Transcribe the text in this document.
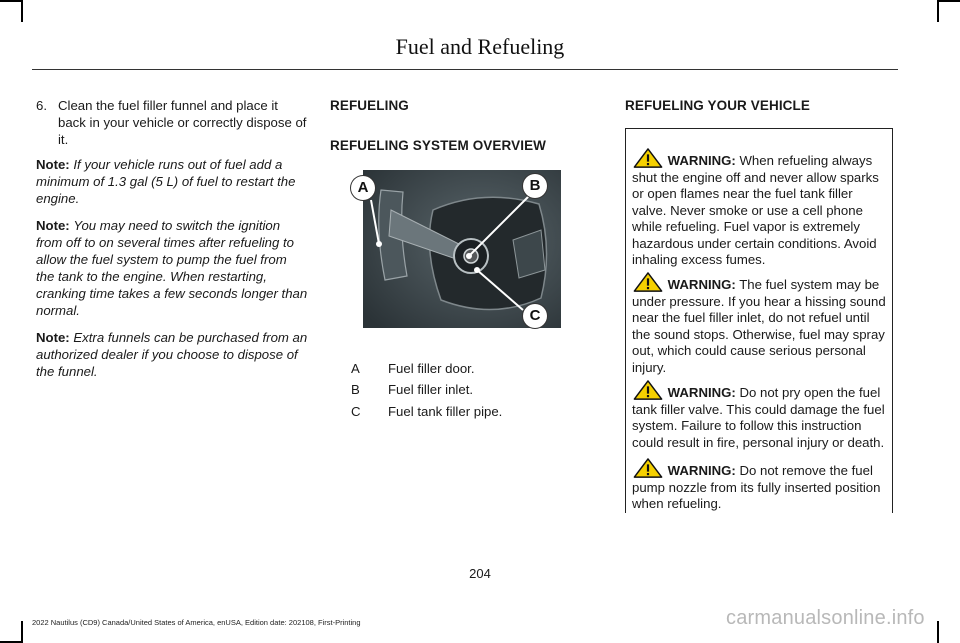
Fuel and Refueling
6. Clean the fuel filler funnel and place it back in your vehicle or correctly dispose of it.

Note: If your vehicle runs out of fuel add a minimum of 1.3 gal (5 L) of fuel to restart the engine.

Note: You may need to switch the ignition from off to on several times after refueling to allow the fuel system to pump the fuel from the tank to the engine. When restarting, cranking time takes a few seconds longer than normal.

Note: Extra funnels can be purchased from an authorized dealer if you choose to dispose of the funnel.

REFUELING
REFUELING SYSTEM OVERVIEW
A	B
C
A Fuel filler door.
B Fuel filler inlet.
C Fuel tank filler pipe.
REFUELING YOUR VEHICLE
WARNING: When refueling always shut the engine off and never allow sparks or open flames near the fuel tank filler valve. Never smoke or use a cell phone while refueling. Fuel vapor is extremely hazardous under certain conditions. Avoid inhaling excess fumes.
WARNING: The fuel system may be under pressure. If you hear a hissing sound near the fuel filler inlet, do not refuel until the sound stops. Otherwise, fuel may spray out, which could cause serious personal injury.
WARNING: Do not pry open the fuel tank filler valve. This could damage the fuel system. Failure to follow this instruction could result in fire, personal injury or death.
WARNING: Do not remove the fuel pump nozzle from its fully inserted position when refueling.
204
2022 Nautilus (CD9) Canada/United States of America, enUSA, Edition date: 202108, First-Printing	carmanualsonline.info
